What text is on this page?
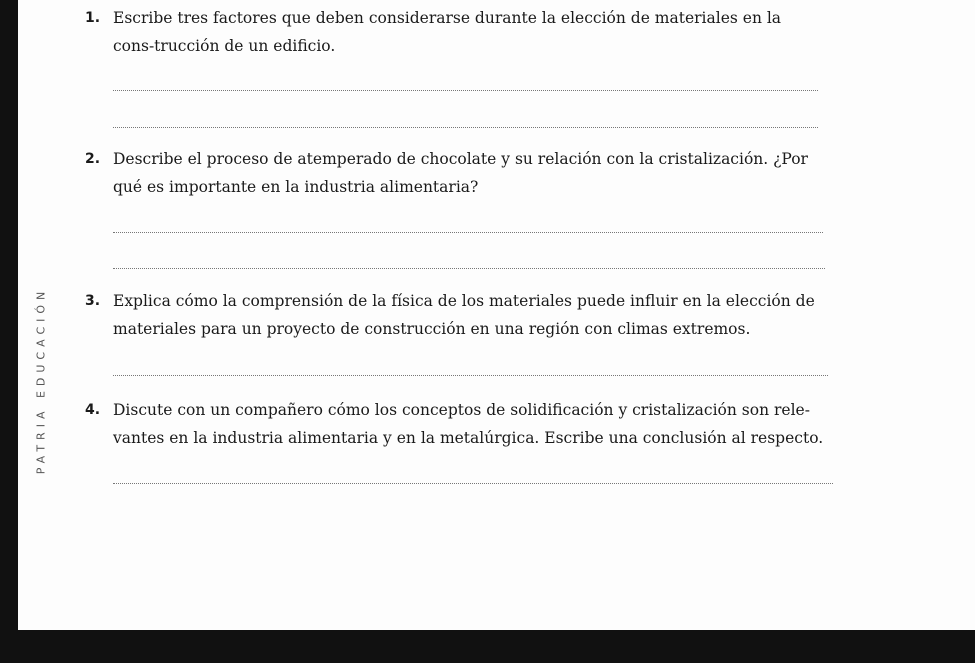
PATRIA EDUCACIÓN
1. Escribe tres factores que deben considerarse durante la elección de materiales en la cons-trucción de un edificio.
2. Describe el proceso de atemperado de chocolate y su relación con la cristalización. ¿Por qué es importante en la industria alimentaria?
3. Explica cómo la comprensión de la física de los materiales puede influir en la elección de materiales para un proyecto de construcción en una región con climas extremos.
4. Discute con un compañero cómo los conceptos de solidificación y cristalización son rele-vantes en la industria alimentaria y en la metalúrgica. Escribe una conclusión al respecto.
